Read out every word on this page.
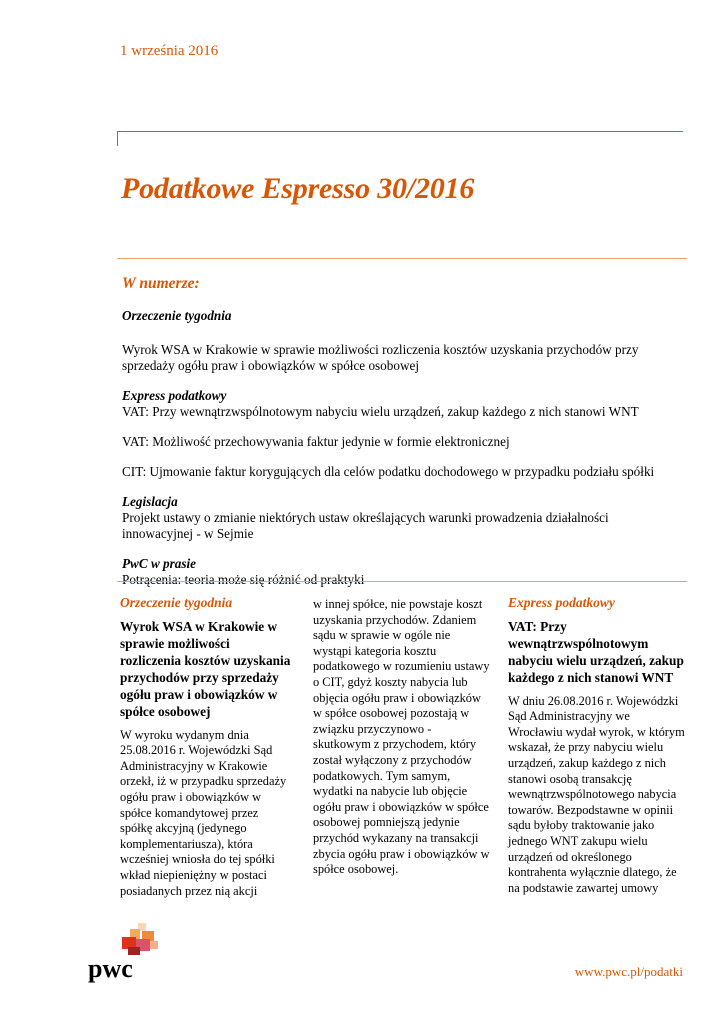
1 września 2016
Podatkowe Espresso 30/2016
W numerze:

Orzeczenie tygodnia

Wyrok WSA w Krakowie w sprawie możliwości rozliczenia kosztów uzyskania przychodów przy sprzedaży ogółu praw i obowiązków w spółce osobowej

Express podatkowy

VAT: Przy wewnątrzwspólnotowym nabyciu wielu urządzeń, zakup każdego z nich stanowi WNT

VAT: Możliwość przechowywania faktur jedynie w formie elektronicznej

CIT: Ujmowanie faktur korygujących dla celów podatku dochodowego w przypadku podziału spółki

Legislacja

Projekt ustawy o zmianie niektórych ustaw określających warunki prowadzenia działalności innowacyjnej - w Sejmie

PwC w prasie

Potrącenia: teoria może się różnić od praktyki

Orzeczenie tygodnia
Wyrok WSA w Krakowie w sprawie możliwości rozliczenia kosztów uzyskania przychodów przy sprzedaży ogółu praw i obowiązków w spółce osobowej

W wyroku wydanym dnia 25.08.2016 r. Wojewódzki Sąd Administracyjny w Krakowie orzekł, iż w przypadku sprzedaży ogółu praw i obowiązków w spółce komandytowej przez spółkę akcyjną (jedynego komplementariusza), która wcześniej wniosła do tej spółki wkład niepieniężny w postaci posiadanych przez nią akcji

w innej spółce, nie powstaje koszt uzyskania przychodów. Zdaniem sądu w sprawie w ogóle nie wystąpi kategoria kosztu podatkowego w rozumieniu ustawy o CIT, gdyż koszty nabycia lub objęcia ogółu praw i obowiązków w spółce osobowej pozostają w związku przyczynowo - skutkowym z przychodem, który został wyłączony z przychodów podatkowych. Tym samym, wydatki na nabycie lub objęcie ogółu praw i obowiązków w spółce osobowej pomniejszą jedynie przychód wykazany na transakcji zbycia ogółu praw i obowiązków w spółce osobowej.

Express podatkowy
VAT: Przy wewnątrzwspólnotowym nabyciu wielu urządzeń, zakup każdego z nich stanowi WNT

W dniu 26.08.2016 r. Wojewódzki Sąd Administracyjny we Wrocławiu wydał wyrok, w którym wskazał, że przy nabyciu wielu urządzeń, zakup każdego z nich stanowi osobą transakcję wewnątrzwspólnotowego nabycia towarów. Bezpodstawne w opinii sądu byłoby traktowanie jako jednego WNT zakupu wielu urządzeń od określonego kontrahenta wyłącznie dlatego, że na podstawie zawartej umowy

pwc	www.pwc.pl/podatki
